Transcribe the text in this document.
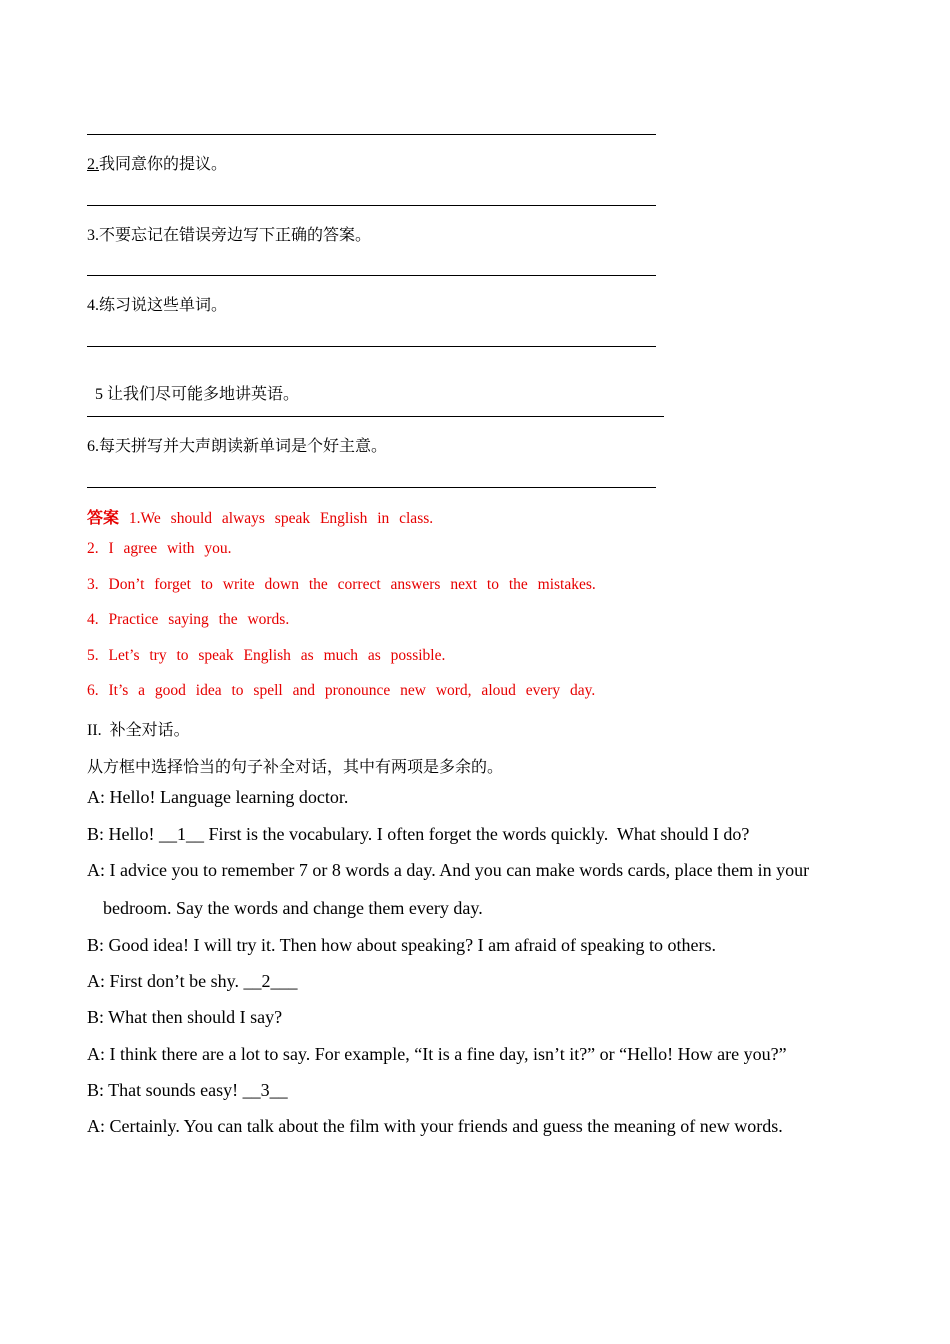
2.我同意你的提议。
3.不要忘记在错误旁边写下正确的答案。
4.练习说这些单词。

5 让我们尽可能多地讲英语。

6.每天拼写并大声朗读新单词是个好主意。
答案 1.We should always speak English in class.
2. I agree with you.
3. Don’t forget to write down the correct answers next to the mistakes.
4. Practice saying the words.
5. Let’s try to speak English as much as possible.
6. It’s a good idea to spell and pronounce new word, aloud every day.
II.  补全对话。
从方框中选择恰当的句子补全对话，其中有两项是多余的。
A: Hello! Language learning doctor.
B: Hello! __1__ First is the vocabulary. I often forget the words quickly.  What should I do?
A: I advice you to remember 7 or 8 words a day. And you can make words cards, place them in your
bedroom. Say the words and change them every day.
B: Good idea! I will try it. Then how about speaking? I am afraid of speaking to others.
A: First don’t be shy. __2___
B: What then should I say?
A: I think there are a lot to say. For example, “It is a fine day, isn’t it?” or “Hello! How are you?”
B: That sounds easy! __3__
A: Certainly. You can talk about the film with your friends and guess the meaning of new words.
